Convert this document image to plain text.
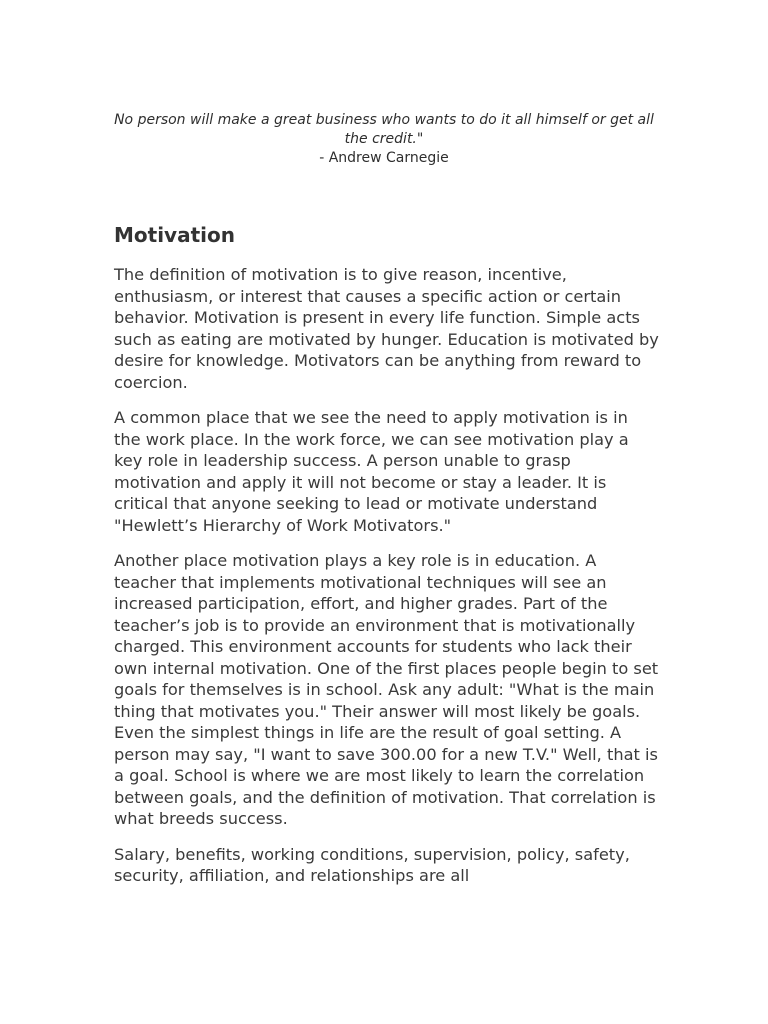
No person will make a great business who wants to do it all himself or get all the credit."
- Andrew Carnegie
Motivation

The definition of motivation is to give reason, incentive, enthusiasm, or interest that causes a specific action or certain behavior. Motivation is present in every life function. Simple acts such as eating are motivated by hunger. Education is motivated by desire for knowledge. Motivators can be anything from reward to coercion.

A common place that we see the need to apply motivation is in the work place. In the work force, we can see motivation play a key role in leadership success. A person unable to grasp motivation and apply it will not become or stay a leader. It is critical that anyone seeking to lead or motivate understand "Hewlett’s Hierarchy of Work Motivators."

Another place motivation plays a key role is in education. A teacher that implements motivational techniques will see an increased participation, effort, and higher grades. Part of the teacher’s job is to provide an environment that is motivationally charged. This environment accounts for students who lack their own internal motivation. One of the first places people begin to set goals for themselves is in school. Ask any adult: "What is the main thing that motivates you." Their answer will most likely be goals. Even the simplest things in life are the result of goal setting. A person may say, "I want to save 300.00 for a new T.V." Well, that is a goal. School is where we are most likely to learn the correlation between goals, and the definition of motivation. That correlation is what breeds success.

Salary, benefits, working conditions, supervision, policy, safety, security, affiliation, and relationships are all
